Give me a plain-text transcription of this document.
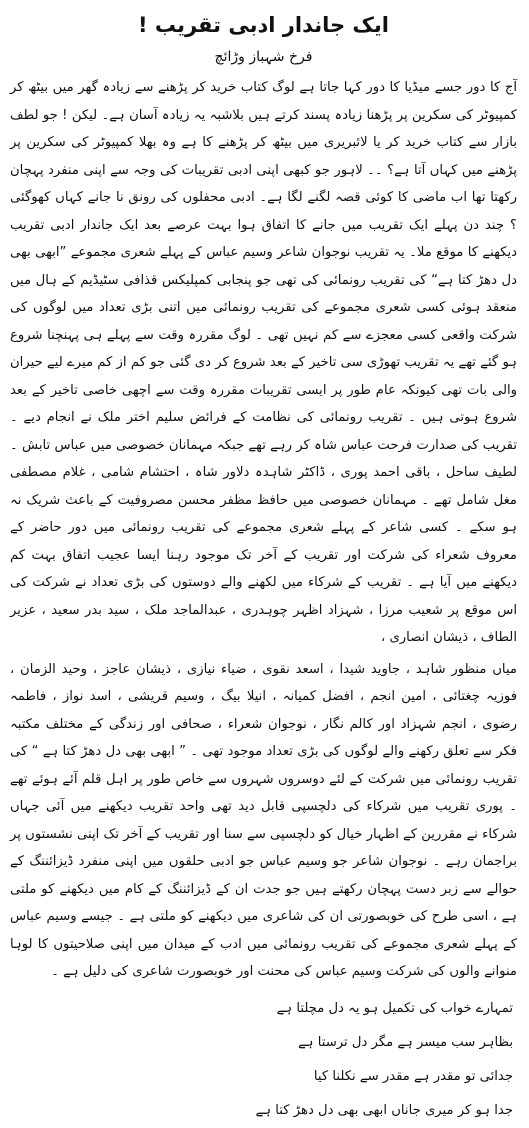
ایک جاندار ادبی تقریب !
فرخ شہباز وڑائچ

آج کا دور جسے میڈیا کا دور کہا جاتا ہے لوگ کتاب خرید کر پڑھنے سے زیادہ گھر میں بیٹھ کر کمپیوٹر کی سکرین پر پڑھنا زیادہ پسند کرتے ہیں بلاشبہ یہ زیادہ آسان ہے۔ لیکن ! جو لطف بازار سے کتاب خرید کر یا لائبریری میں بیٹھ کر پڑھنے کا ہے وہ بھلا کمپیوٹر کی سکرین پر پڑھنے میں کہاں آتا ہے؟ ۔۔ لاہور جو کبھی اپنی ادبی تقریبات کی وجہ سے اپنی منفرد پہچان رکھتا تھا اب ماضی کا کوئی قصہ لگنے لگا ہے۔ ادبی محفلوں کی رونق نا جانے کہاں کھوگئی ؟ چند دن پہلے ایک تقریب میں جانے کا اتفاق ہوا بہت عرصے بعد ایک جاندار ادبی تقریب دیکھنے کا موقع ملا۔ یہ تقریب نوجوان شاعر وسیم عباس کے پہلے شعری مجموعے ”ابھی بھی دل دھڑ کتا ہے“ کی تقریب رونمائی کی تھی جو پنجابی کمپلیکس قذافی سٹیڈیم کے ہال میں منعقد ہوئی کسی شعری مجموعے کی تقریب رونمائی میں اتنی بڑی تعداد میں لوگوں کی شرکت واقعی کسی معجزے سے کم نہیں تھی ۔ لوگ مقررہ وقت سے پہلے ہی پہنچنا شروع ہو گئے تھے یہ تقریب تھوڑی سی تاخیر کے بعد شروع کر دی گئی جو کم از کم میرے لیے حیران والی بات تھی کیونکہ عام طور پر ایسی تقریبات مقررہ وقت سے اچھی خاصی تاخیر کے بعد شروع ہوتی ہیں ۔ تقریب رونمائی کی نظامت کے فرائض سلیم اختر ملک نے انجام دیے ۔ تقریب کی صدارت فرحت عباس شاہ کر رہے تھے جبکہ مہمانان خصوصی میں عباس تابش ۔ لطیف ساحل ، باقی احمد پوری ، ڈاکٹر شاہدہ دلاور شاہ ، احتشام شامی ، غلام مصطفی مغل شامل تھے ۔ مہمانان خصوصی میں حافظ مظفر محسن مصروفیت کے باعث شریک نہ ہو سکے ۔ کسی شاعر کے پہلے شعری مجموعے کی تقریب رونمائی میں دور حاضر کے معروف شعراء کی شرکت اور تقریب کے آخر تک موجود رہنا ایسا عجیب اتفاق بہت کم دیکھنے میں آیا ہے ۔ تقریب کے شرکاء میں لکھنے والے دوستوں کی بڑی تعداد نے شرکت کی اس موقع پر شعیب مرزا ، شہزاد اظہر چوہدری ، عبدالماجد ملک ، سید بدر سعید ، عزیر الطاف ، ذیشان انصاری ،

میاں منظور شاہد ، جاوید شیدا ، اسعد نقوی ، ضیاء نیازی ، ذیشان عاجز ، وحید الزمان ، فوزیہ چغتائی ، امین انجم ، افضل کمیانہ ، انیلا بیگ ، وسیم قریشی ، اسد نواز ، فاطمہ رضوی ، انجم شہزاد اور کالم نگار ، نوجوان شعراء ، صحافی اور زندگی کے مختلف مکتبہ فکر سے تعلق رکھنے والے لوگوں کی بڑی تعداد موجود تھی ۔ ” ابھی بھی دل دھڑ کتا ہے “ کی تقریب رونمائی میں شرکت کے لئے دوسروں شہروں سے خاص طور پر اہل قلم آئے ہوئے تھے ۔ پوری تقریب میں شرکاء کی دلچسپی قابل دید تھی واحد تقریب دیکھنے میں آئی جہاں شرکاء نے مقررین کے اظہار خیال کو دلچسپی سے سنا اور تقریب کے آخر تک اپنی نشستوں پر براجمان رہے ۔ نوجوان شاعر جو وسیم عباس جو ادبی حلقوں میں اپنی منفرد ڈیزائننگ کے حوالے سے زبر دست پہچان رکھتے ہیں جو جدت ان کے ڈیزائننگ کے کام میں دیکھنے کو ملتی ہے ، اسی طرح کی خوبصورتی ان کی شاعری میں دیکھنے کو ملتی ہے ۔ جیسے وسیم عباس کے پہلے شعری مجموعے کی تقریب رونمائی میں ادب کے میدان میں اپنی صلاحیتوں کا لوہا منوانے والوں کی شرکت وسیم عباس کی محنت اور خوبصورت شاعری کی دلیل ہے ۔

تمہارے خواب کی تکمیل ہو یہ دل مچلتا ہے
بظاہر سب میسر ہے مگر دل ترستا ہے
جدائی تو مقدر ہے مقدر سے نکلنا کیا
جدا ہو کر میری جاناں ابھی بھی دل دھڑ کتا ہے
